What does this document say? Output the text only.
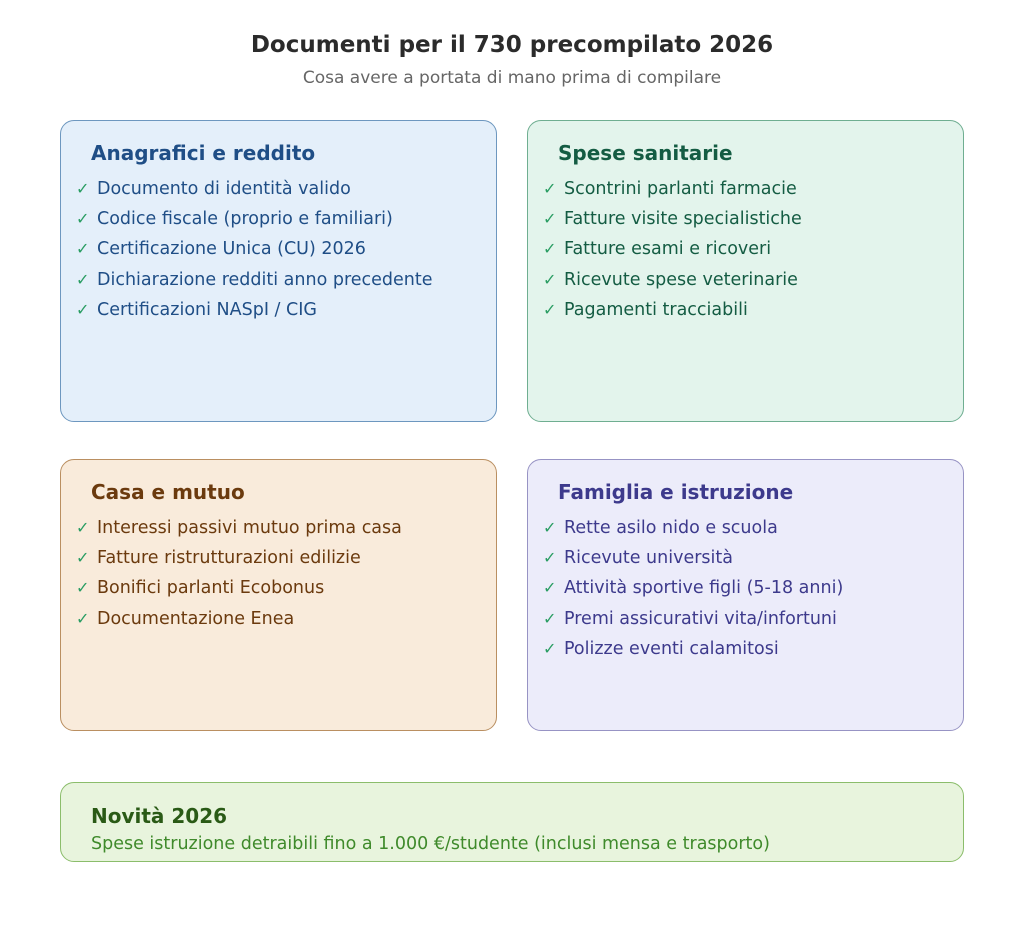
Documenti per il 730 precompilato 2026
Cosa avere a portata di mano prima di compilare
Anagrafici e reddito
✓ Documento di identità valido
✓ Codice fiscale (proprio e familiari)
✓ Certificazione Unica (CU) 2026
✓ Dichiarazione redditi anno precedente
✓ Certificazioni NASpI / CIG
Spese sanitarie
✓ Scontrini parlanti farmacie
✓ Fatture visite specialistiche
✓ Fatture esami e ricoveri
✓ Ricevute spese veterinarie
✓ Pagamenti tracciabili
Casa e mutuo
✓ Interessi passivi mutuo prima casa
✓ Fatture ristrutturazioni edilizie
✓ Bonifici parlanti Ecobonus
✓ Documentazione Enea
Famiglia e istruzione
✓ Rette asilo nido e scuola
✓ Ricevute università
✓ Attività sportive figli (5-18 anni)
✓ Premi assicurativi vita/infortuni
✓ Polizze eventi calamitosi
Novità 2026
Spese istruzione detraibili fino a 1.000 €/studente (inclusi mensa e trasporto)
